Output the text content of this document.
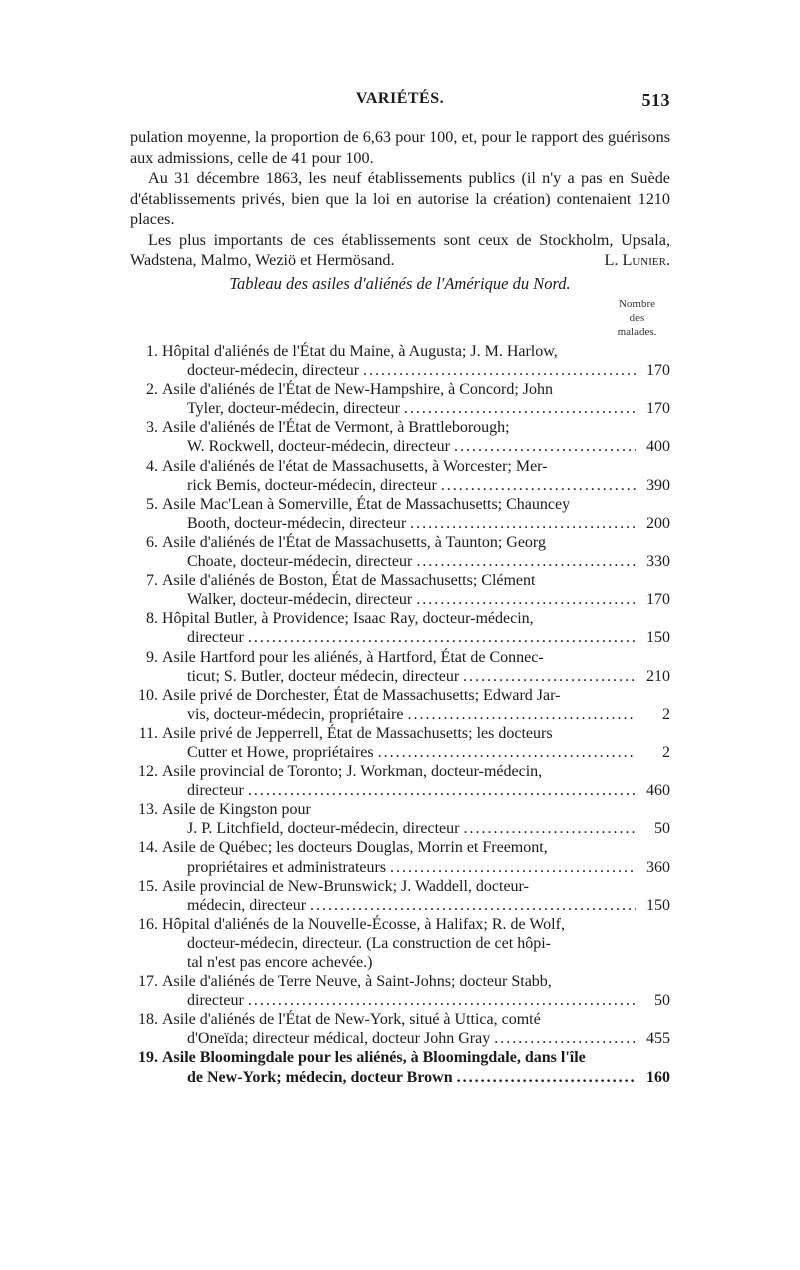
VARIÉTÉS.	513

pulation moyenne, la proportion de 6,63 pour 100, et, pour le rapport des guérisons aux admissions, celle de 41 pour 100.

Au 31 décembre 1863, les neuf établissements publics (il n'y a pas en Suède d'établissements privés, bien que la loi en autorise la création) contenaient 1210 places.

Les plus importants de ces établissements sont ceux de Stockholm, Upsala, Wadstena, Malmo, Weziö et Hermösand.	L. Lunier.

Tableau des asiles d'aliénés de l'Amérique du Nord.
Nombre
des
malades.
1. Hôpital d'aliénés de l'État du Maine, à Augusta; J. M. Harlow,
docteur-médecin, directeur .....	170
2. Asile d'aliénés de l'État de New-Hampshire, à Concord; John
Tyler, docteur-médecin, directeur .....	170
3. Asile d'aliénés de l'État de Vermont, à Brattleborough;
W. Rockwell, docteur-médecin, directeur .....	400
4. Asile d'aliénés de l'état de Massachusetts, à Worcester; Mer-
rick Bemis, docteur-médecin, directeur .....	390
5. Asile Mac'Lean à Somerville, État de Massachusetts; Chauncey
Booth, docteur-médecin, directeur .....	200
6. Asile d'aliénés de l'État de Massachusetts, à Taunton; Georg
Choate, docteur-médecin, directeur .....	330
7. Asile d'aliénés de Boston, État de Massachusetts; Clément
Walker, docteur-médecin, directeur .....	170
8. Hôpital Butler, à Providence; Isaac Ray, docteur-médecin,
directeur .....	150
9. Asile Hartford pour les aliénés, à Hartford, État de Connec-
ticut; S. Butler, docteur médecin, directeur .....	210
10. Asile privé de Dorchester, État de Massachusetts; Edward Jar-
vis, docteur-médecin, propriétaire .....	2
11. Asile privé de Jepperrell, État de Massachusetts; les docteurs
Cutter et Howe, propriétaires .....	2
12. Asile provincial de Toronto; J. Workman, docteur-médecin,
directeur .....	460
13. Asile de Kingston pour
J. P. Litchfield, docteur-médecin, directeur .....	50
14. Asile de Québec; les docteurs Douglas, Morrin et Freemont,
propriétaires et administrateurs .....	360
15. Asile provincial de New-Brunswick; J. Waddell, docteur-
médecin, directeur .....	150
16. Hôpital d'aliénés de la Nouvelle-Écosse, à Halifax; R. de Wolf,
docteur-médecin, directeur. (La construction de cet hôpi-
tal n'est pas encore achevée.)
17. Asile d'aliénés de Terre Neuve, à Saint-Johns; docteur Stabb,
directeur .....	50
18. Asile d'aliénés de l'État de New-York, situé à Uttica, comté
d'Oneïda; directeur médical, docteur John Gray .....	455
19. Asile Bloomingdale pour les aliénés, à Bloomingdale, dans l'île
de New-York; médecin, docteur Brown .....	160
